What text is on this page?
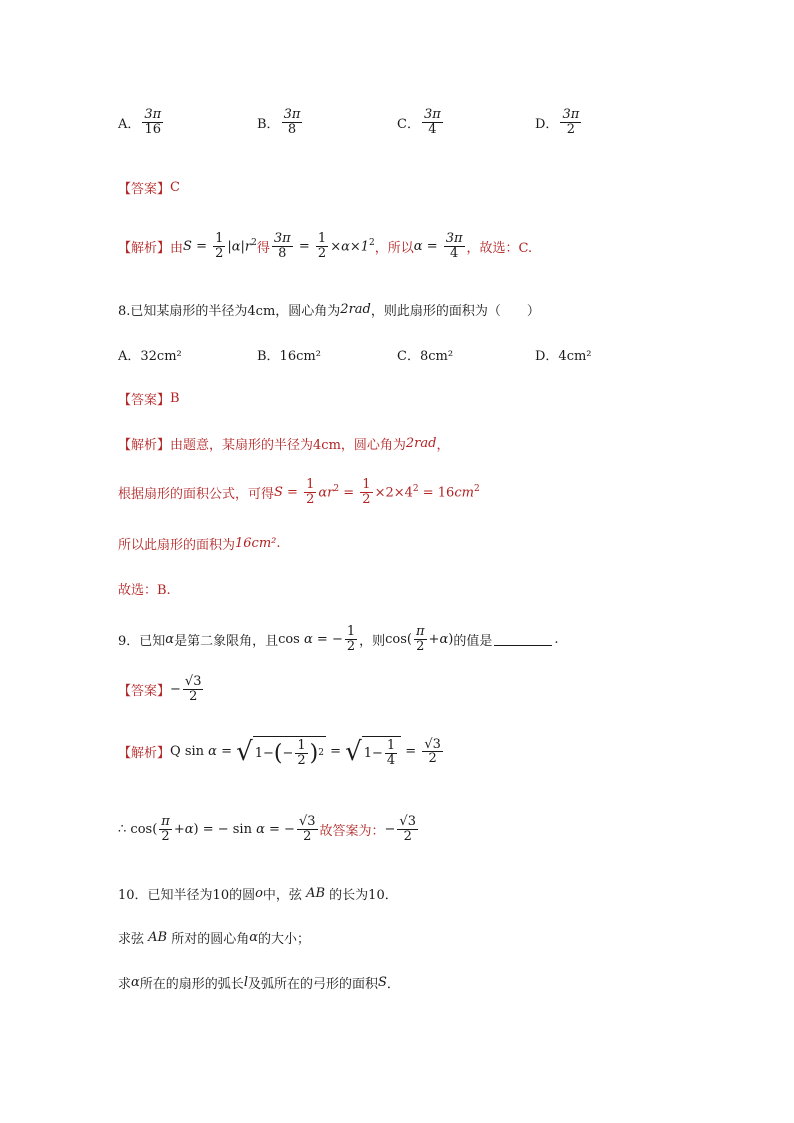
A． $\frac{3\pi}{16}$	B． $\frac{3\pi}{8}$	C． $\frac{3\pi}{4}$	D． $\frac{3\pi}{2}$
【答案】 C
【解析】 由 $S = \frac{1}{2} |\alpha|r^2$ 得 $\frac{3\pi}{8} = \frac{1}{2} \times\alpha\times 1^2$ ，所以 $\alpha = \frac{3\pi}{4}$ ，故选：C.
8.已知某扇形的半径为4cm，圆心角为 2rad ，则此扇形的面积为（　　）
A．32cm²	B．16cm²	C．8cm²	D．4cm²
【答案】 B
【解析】 由题意，某扇形的半径为4cm，圆心角为 2rad ，
根据扇形的面积公式，可得 $S = \frac{1}{2} \alpha r^2 = \frac{1}{2} \times 2\times 4^2 = 16cm^2$
所以此扇形的面积为 16cm² .
故选：B.
9．已知 α 是第二象限角，且 cos α = − $\frac{1}{2}$ ，则 $\cos( \frac{\pi}{2} +\alpha)$ 的值是	.
【答案】 − $\frac{√3}{2}$
【解析】 Q sin α = √ 1− ( − $\frac{1}{2}$ ) 2 = √ $1- \frac{1}{4} = \frac{√3}{2}$
∴ $\cos( \frac{\pi}{2} +\alpha)$ = − sin α = − $\frac{√3}{2}$ 故答案为： − $\frac{√3}{2}$
10．已知半径为10的圆 o 中，弦
AB
的长为10．
求弦
AB
所对的圆心角 α 的大小；
求 α 所在的扇形的弧长 l 及弧所在的弓形的面积 S ．
